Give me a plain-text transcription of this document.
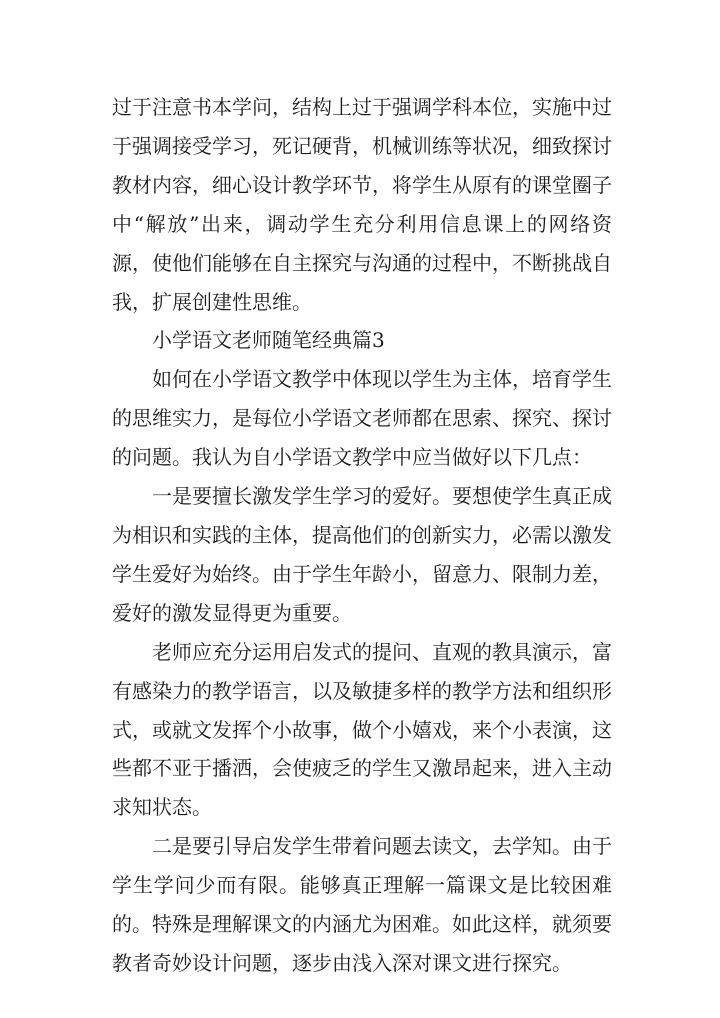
过于注意书本学问，结构上过于强调学科本位，实施中过于强调接受学习，死记硬背，机械训练等状况，细致探讨教材内容，细心设计教学环节，将学生从原有的课堂圈子中“解放”出来，调动学生充分利用信息课上的网络资源，使他们能够在自主探究与沟通的过程中，不断挑战自我，扩展创建性思维。

小学语文老师随笔经典篇3

如何在小学语文教学中体现以学生为主体，培育学生的思维实力，是每位小学语文老师都在思索、探究、探讨的问题。我认为自小学语文教学中应当做好以下几点：

一是要擅长激发学生学习的爱好。要想使学生真正成为相识和实践的主体，提高他们的创新实力，必需以激发学生爱好为始终。由于学生年龄小，留意力、限制力差，爱好的激发显得更为重要。

老师应充分运用启发式的提问、直观的教具演示，富有感染力的教学语言，以及敏捷多样的教学方法和组织形式，或就文发挥个小故事，做个小嬉戏，来个小表演，这些都不亚于播洒，会使疲乏的学生又激昂起来，进入主动求知状态。

二是要引导启发学生带着问题去读文，去学知。由于学生学问少而有限。能够真正理解一篇课文是比较困难的。特殊是理解课文的内涵尤为困难。如此这样，就须要教者奇妙设计问题，逐步由浅入深对课文进行探究。
